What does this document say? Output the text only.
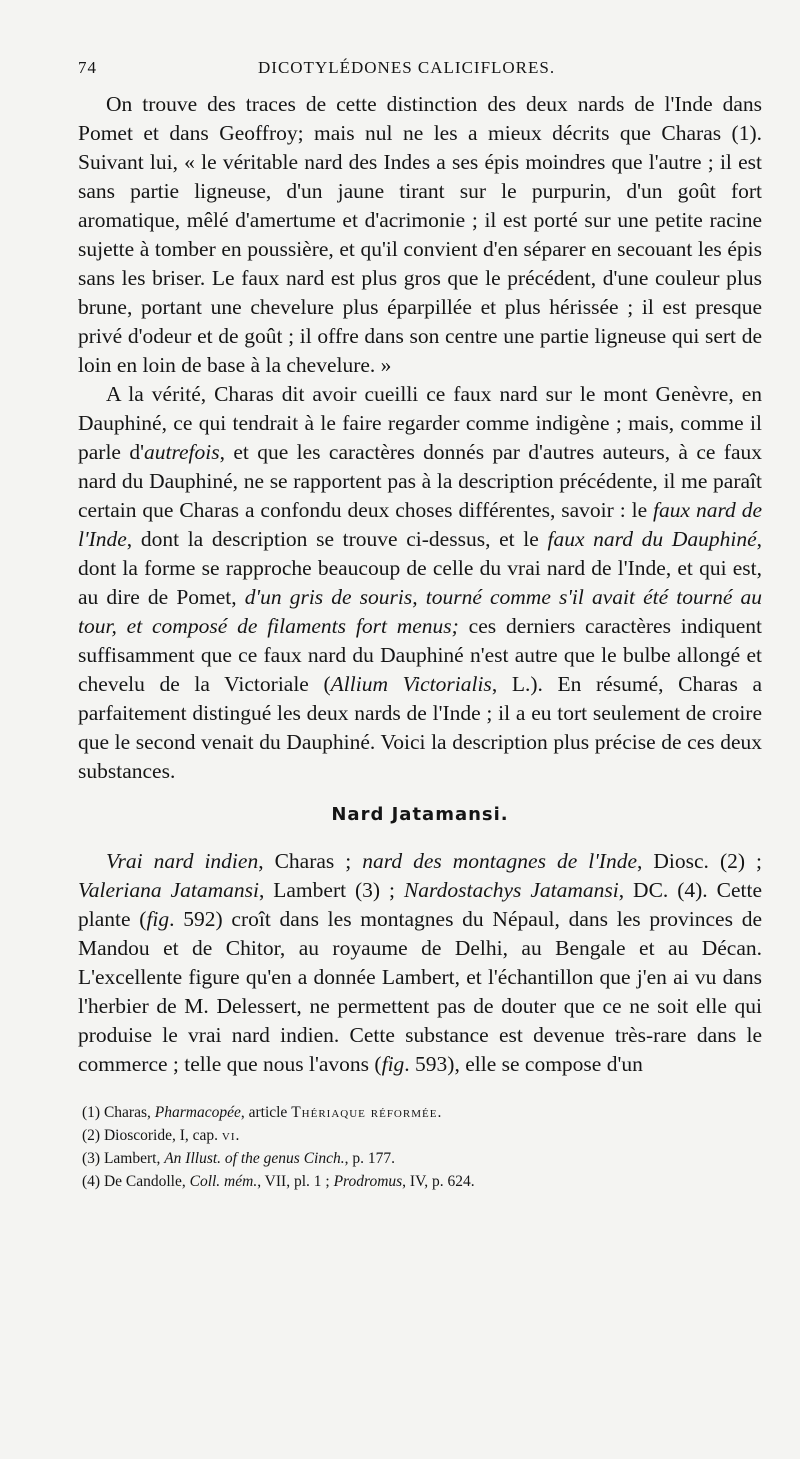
74	DICOTYLÉDONES CALICIFLORES.

On trouve des traces de cette distinction des deux nards de l'Inde dans Pomet et dans Geoffroy; mais nul ne les a mieux décrits que Charas (1). Suivant lui, « le véritable nard des Indes a ses épis moindres que l'autre ; il est sans partie ligneuse, d'un jaune tirant sur le purpurin, d'un goût fort aromatique, mêlé d'amertume et d'acrimonie ; il est porté sur une petite racine sujette à tomber en poussière, et qu'il convient d'en séparer en secouant les épis sans les briser. Le faux nard est plus gros que le précédent, d'une couleur plus brune, portant une chevelure plus éparpillée et plus hérissée ; il est presque privé d'odeur et de goût ; il offre dans son centre une partie ligneuse qui sert de loin en loin de base à la chevelure. »

A la vérité, Charas dit avoir cueilli ce faux nard sur le mont Genèvre, en Dauphiné, ce qui tendrait à le faire regarder comme indigène ; mais, comme il parle d'autrefois, et que les caractères donnés par d'autres auteurs, à ce faux nard du Dauphiné, ne se rapportent pas à la description précédente, il me paraît certain que Charas a confondu deux choses différentes, savoir : le faux nard de l'Inde, dont la description se trouve ci-dessus, et le faux nard du Dauphiné, dont la forme se rapproche beaucoup de celle du vrai nard de l'Inde, et qui est, au dire de Pomet, d'un gris de souris, tourné comme s'il avait été tourné au tour, et composé de filaments fort menus; ces derniers caractères indiquent suffisamment que ce faux nard du Dauphiné n'est autre que le bulbe allongé et chevelu de la Victoriale (Allium Victorialis, L.). En résumé, Charas a parfaitement distingué les deux nards de l'Inde ; il a eu tort seulement de croire que le second venait du Dauphiné. Voici la description plus précise de ces deux substances.

Nard Jatamansi.

Vrai nard indien, Charas ; nard des montagnes de l'Inde, Diosc. (2) ; Valeriana Jatamansi, Lambert (3) ; Nardostachys Jatamansi, DC. (4). Cette plante (fig. 592) croît dans les montagnes du Népaul, dans les provinces de Mandou et de Chitor, au royaume de Delhi, au Bengale et au Décan. L'excellente figure qu'en a donnée Lambert, et l'échantillon que j'en ai vu dans l'herbier de M. Delessert, ne permettent pas de douter que ce ne soit elle qui produise le vrai nard indien. Cette substance est devenue très-rare dans le commerce ; telle que nous l'avons (fig. 593), elle se compose d'un

(1) Charas, Pharmacopée, article Thériaque réformée.
(2) Dioscoride, I, cap. vi.
(3) Lambert, An Illust. of the genus Cinch., p. 177.
(4) De Candolle, Coll. mém., VII, pl. 1 ; Prodromus, IV, p. 624.
